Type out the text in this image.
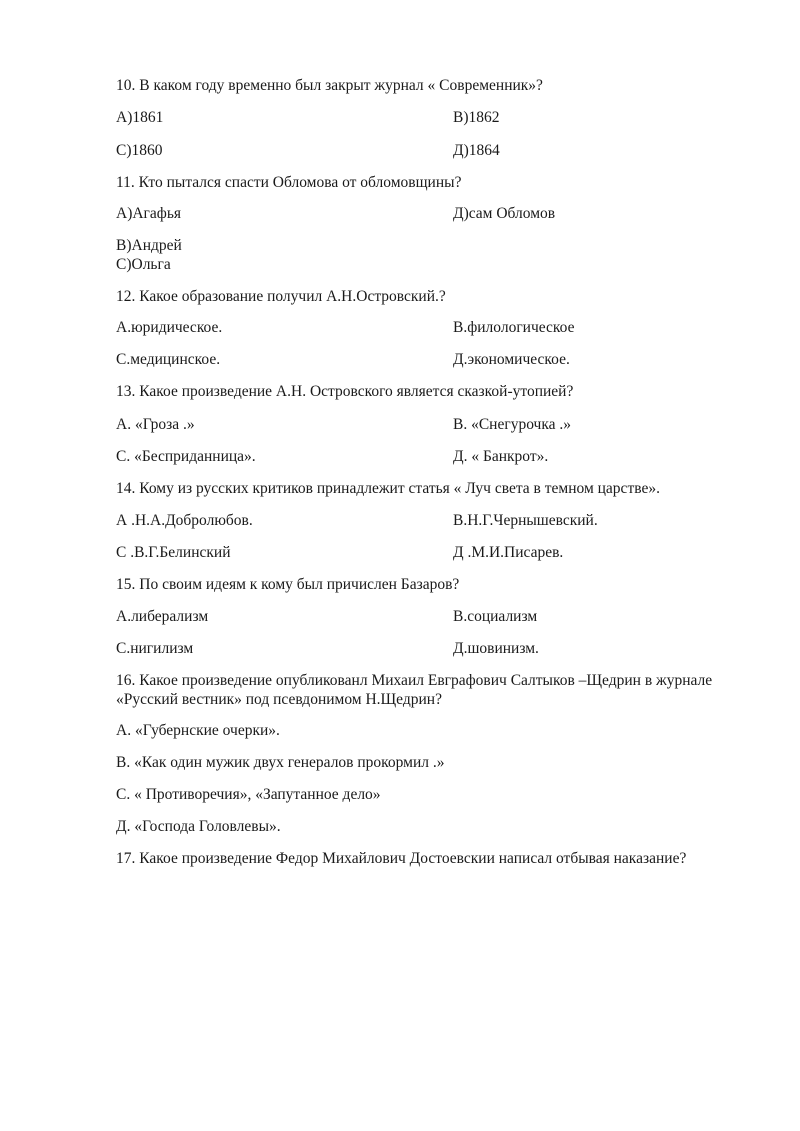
10. В каком году временно был закрыт журнал « Современник»?
А)1861	В)1862
С)1860	Д)1864
11. Кто пытался спасти Обломова от обломовщины?
А)Агафья	Д)сам Обломов
В)Андрей
С)Ольга
12. Какое образование получил А.Н.Островский.?
А.юридическое.	В.филологическое
С.медицинское.	Д.экономическое.
13. Какое произведение А.Н. Островского является сказкой-утопией?
А. «Гроза .»	В. «Снегурочка .»
С. «Бесприданница».	Д. « Банкрот».
14. Кому из русских критиков принадлежит статья « Луч света в темном царстве».
А .Н.А.Добролюбов.	В.Н.Г.Чернышевский.
С .В.Г.Белинский	Д .М.И.Писарев.
15. По своим идеям к кому был причислен Базаров?
А.либерализм	В.социализм
С.нигилизм	Д.шовинизм.
16. Какое произведение опубликованл Михаил Евграфович Салтыков –Щедрин в журнале
«Русский вестник» под псевдонимом Н.Щедрин?
А. «Губернские очерки».
В. «Как один мужик двух генералов прокормил .»
С. « Противоречия», «Запутанное дело»
Д. «Господа Головлевы».
17. Какое произведение Федор Михайлович Достоевскии написал отбывая наказание?
